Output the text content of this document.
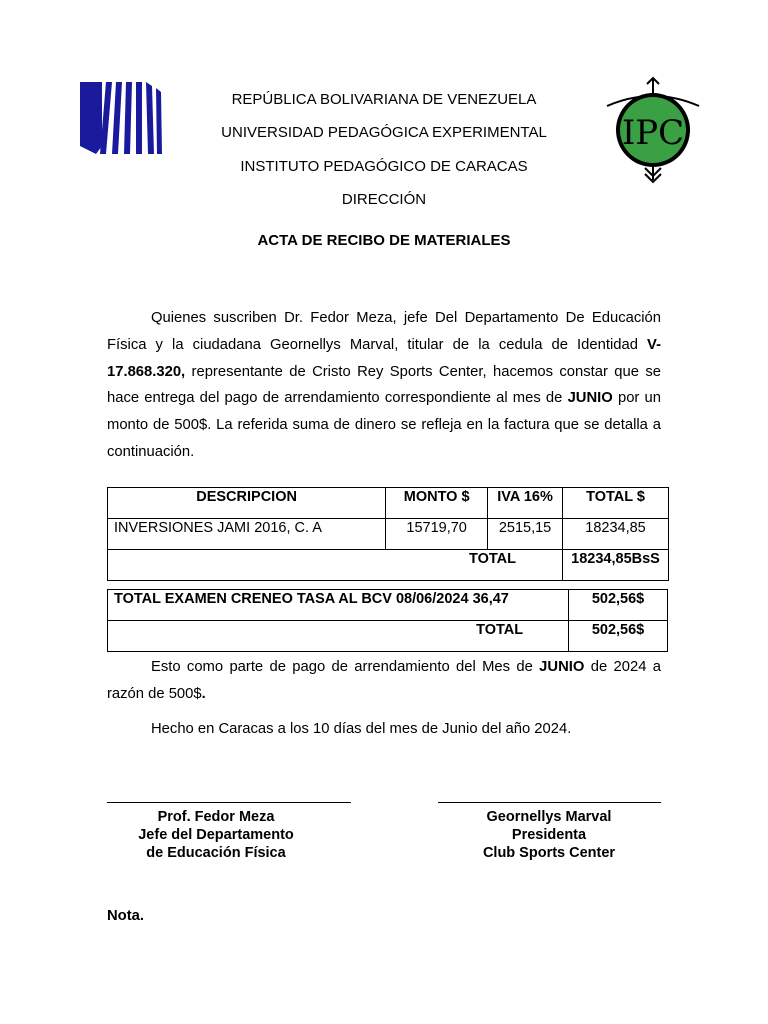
REPÚBLICA BOLIVARIANA DE VENEZUELA
UNIVERSIDAD PEDAGÓGICA EXPERIMENTAL
INSTITUTO PEDAGÓGICO DE CARACAS
DIRECCIÓN
IPC
ACTA DE RECIBO DE MATERIALES
Quienes suscriben Dr. Fedor Meza, jefe Del Departamento De Educación Física y la ciudadana Geornellys Marval, titular de la cedula de Identidad V-17.868.320, representante de Cristo Rey Sports Center, hacemos constar que se hace entrega del pago de arrendamiento correspondiente al mes de JUNIO por un monto de 500$. La referida suma de dinero se refleja en la factura que se detalla a continuación.
DESCRIPCION	MONTO $	IVA 16%	TOTAL $
INVERSIONES JAMI 2016, C. A	15719,70	2515,15	18234,85
TOTAL			18234,85BsS
TOTAL EXAMEN CRENEO TASA AL BCV 08/06/2024 36,47	502,56$
TOTAL	502,56$
Esto como parte de pago de arrendamiento del Mes de JUNIO de 2024 a razón de 500$.
Hecho en Caracas a los 10 días del mes de Junio del año 2024.
Prof. Fedor Meza
Jefe del Departamento
de Educación Física
Geornellys Marval
Presidenta
Club Sports Center
Nota.
